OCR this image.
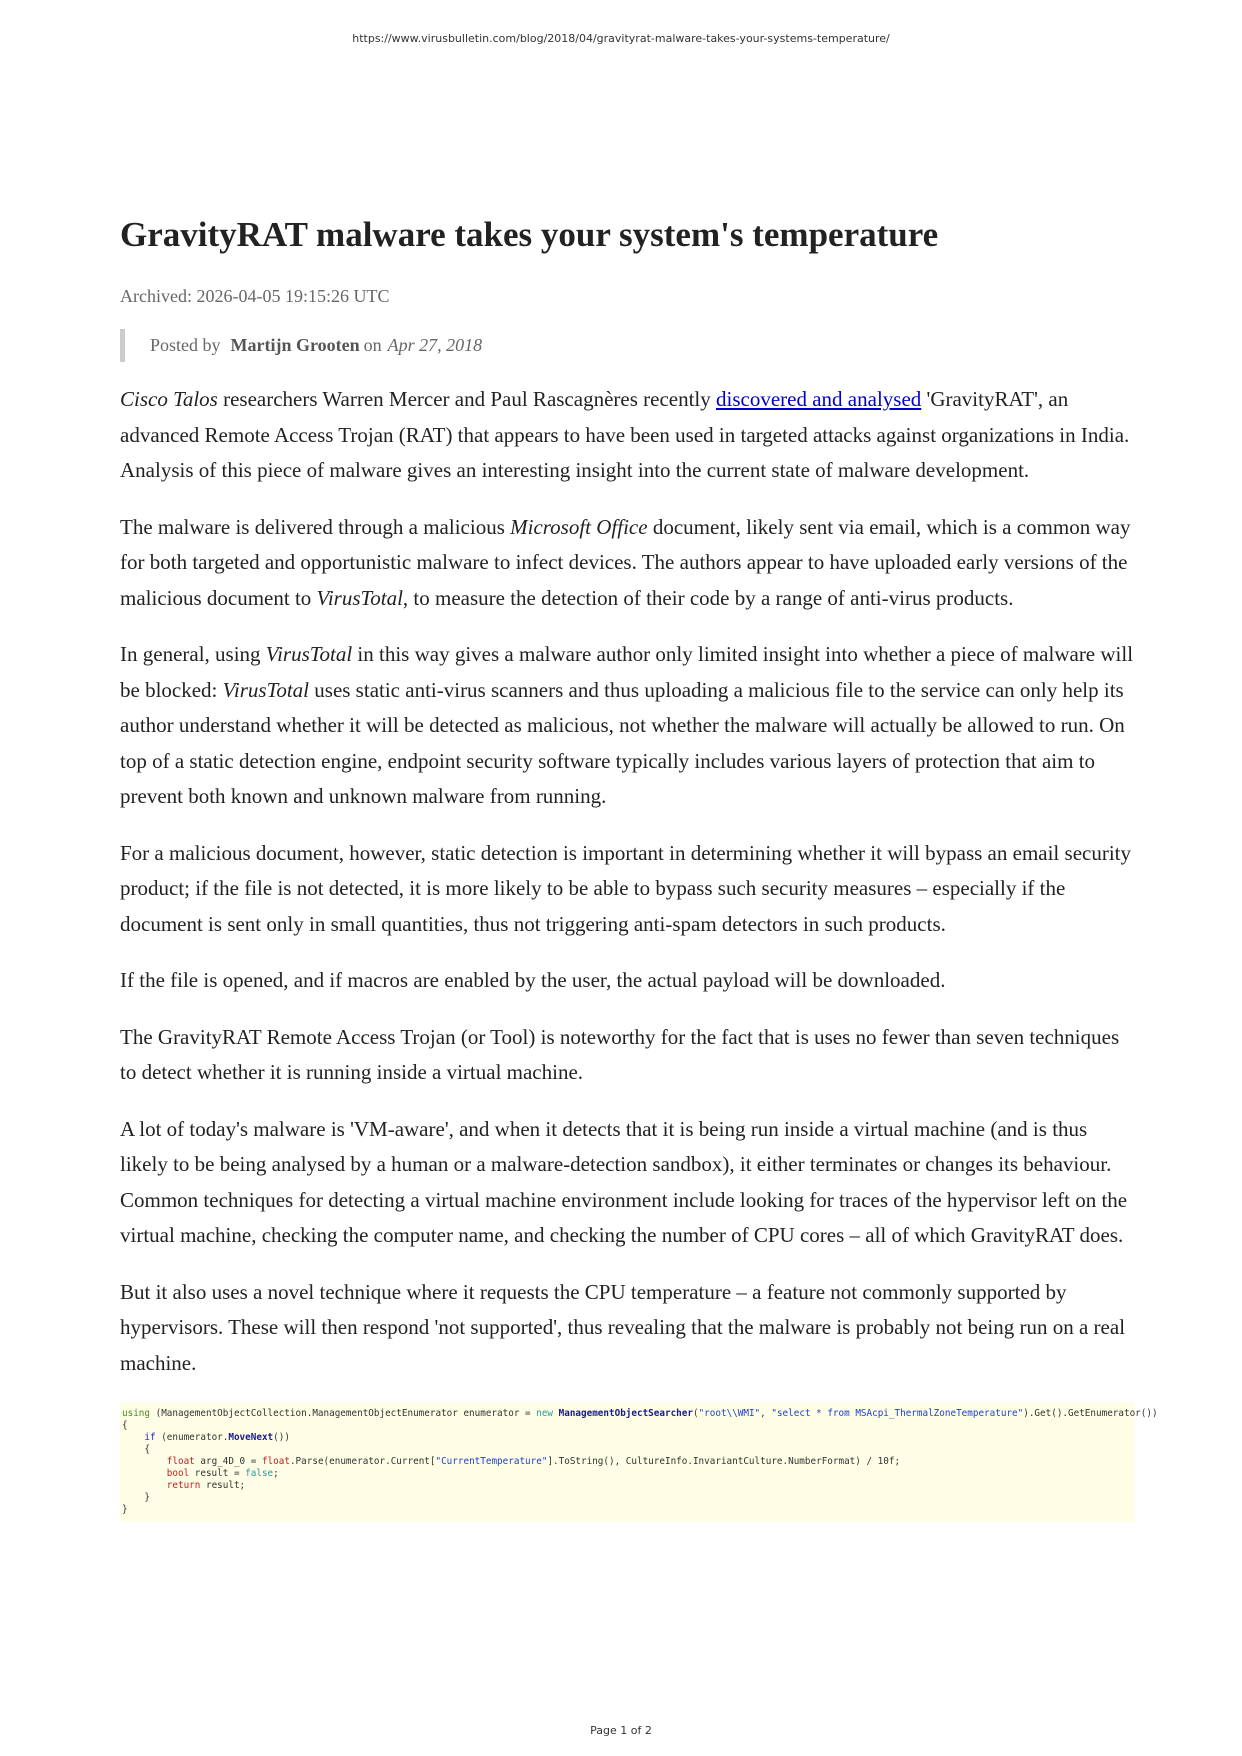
https://www.virusbulletin.com/blog/2018/04/gravityrat-malware-takes-your-systems-temperature/
GravityRAT malware takes your system's temperature
Archived: 2026-04-05 19:15:26 UTC
Posted by Martijn Grooten on Apr 27, 2018

Cisco Talos researchers Warren Mercer and Paul Rascagnères recently discovered and analysed 'GravityRAT', an advanced Remote Access Trojan (RAT) that appears to have been used in targeted attacks against organizations in India. Analysis of this piece of malware gives an interesting insight into the current state of malware development.

The malware is delivered through a malicious Microsoft Office document, likely sent via email, which is a common way for both targeted and opportunistic malware to infect devices. The authors appear to have uploaded early versions of the malicious document to VirusTotal, to measure the detection of their code by a range of anti-virus products.

In general, using VirusTotal in this way gives a malware author only limited insight into whether a piece of malware will be blocked: VirusTotal uses static anti-virus scanners and thus uploading a malicious file to the service can only help its author understand whether it will be detected as malicious, not whether the malware will actually be allowed to run. On top of a static detection engine, endpoint security software typically includes various layers of protection that aim to prevent both known and unknown malware from running.

For a malicious document, however, static detection is important in determining whether it will bypass an email security product; if the file is not detected, it is more likely to be able to bypass such security measures – especially if the document is sent only in small quantities, thus not triggering anti-spam detectors in such products.

If the file is opened, and if macros are enabled by the user, the actual payload will be downloaded.

The GravityRAT Remote Access Trojan (or Tool) is noteworthy for the fact that is uses no fewer than seven techniques to detect whether it is running inside a virtual machine.

A lot of today's malware is 'VM-aware', and when it detects that it is being run inside a virtual machine (and is thus likely to be being analysed by a human or a malware-detection sandbox), it either terminates or changes its behaviour. Common techniques for detecting a virtual machine environment include looking for traces of the hypervisor left on the virtual machine, checking the computer name, and checking the number of CPU cores – all of which GravityRAT does.

But it also uses a novel technique where it requests the CPU temperature – a feature not commonly supported by hypervisors. These will then respond 'not supported', thus revealing that the malware is probably not being run on a real machine.

using (ManagementObjectCollection.ManagementObjectEnumerator enumerator = new ManagementObjectSearcher("root\\WMI", "select * from MSAcpi_ThermalZoneTemperature").Get().GetEnumerator())
{
if (enumerator.MoveNext())
{
float arg_4D_0 = float.Parse(enumerator.Current["CurrentTemperature"].ToString(), CultureInfo.InvariantCulture.NumberFormat) / 10f;
bool result = false;
return result;
}
}
Page 1 of 2
